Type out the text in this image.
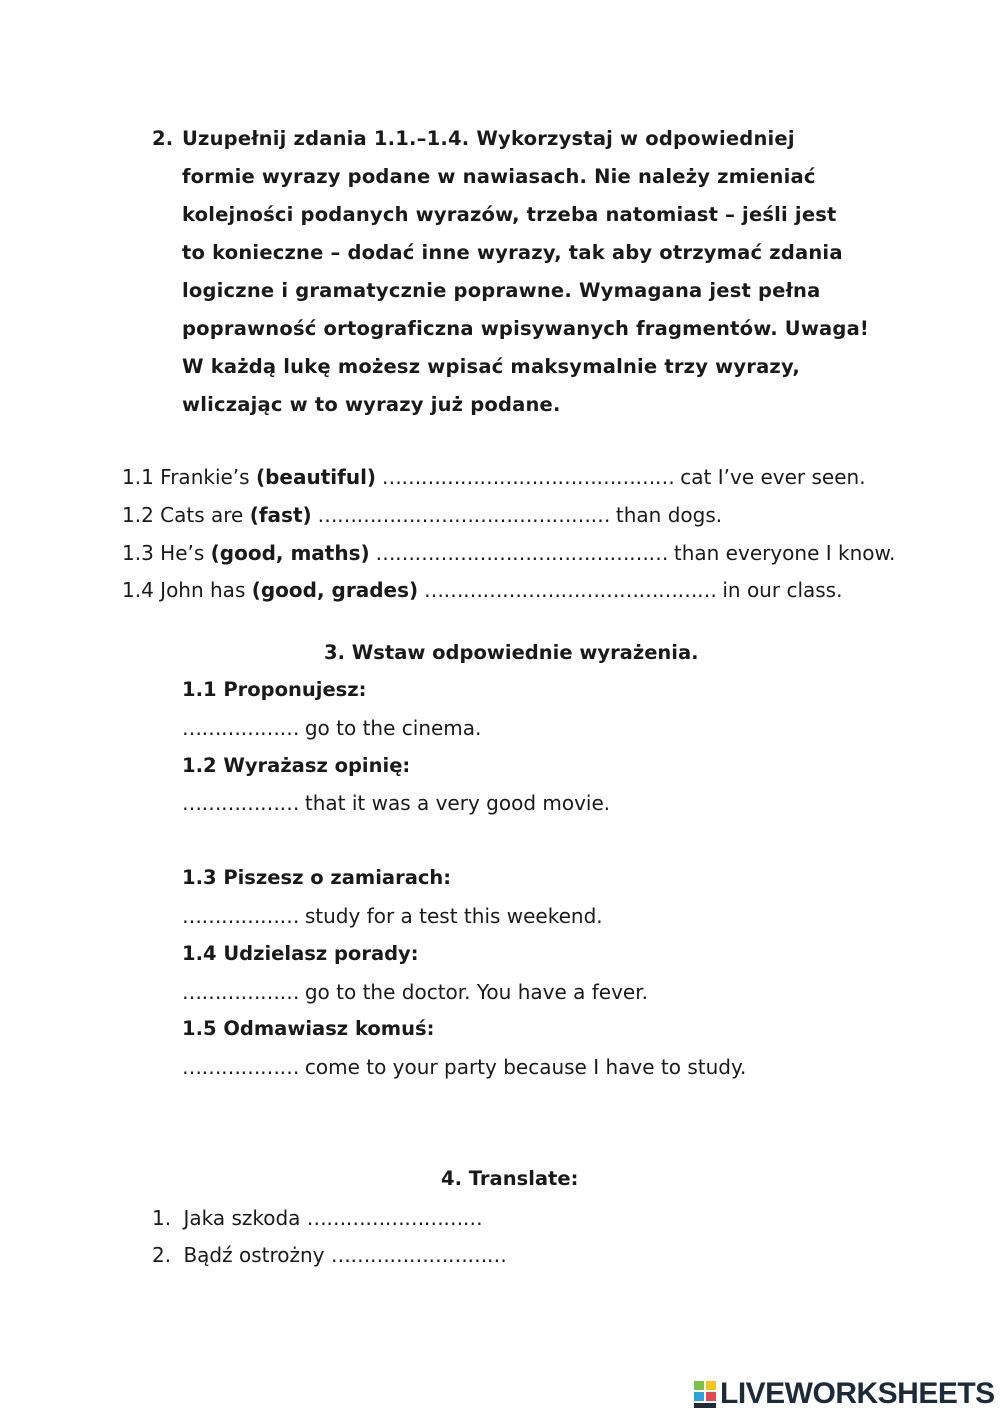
2. Uzupełnij zdania 1.1.–1.4. Wykorzystaj w odpowiedniej
formie wyrazy podane w nawiasach. Nie należy zmieniać
kolejności podanych wyrazów, trzeba natomiast – jeśli jest
to konieczne – dodać inne wyrazy, tak aby otrzymać zdania
logiczne i gramatycznie poprawne. Wymagana jest pełna
poprawność ortograficzna wpisywanych fragmentów. Uwaga!
W każdą lukę możesz wpisać maksymalnie trzy wyrazy,
wliczając w to wyrazy już podane.
1.1 Frankie’s (beautiful) ……………………………………… cat I’ve ever seen.
1.2 Cats are (fast) ……………………………………… than dogs.
1.3 He’s (good, maths) ……………………………………… than everyone I know.
1.4 John has (good, grades) ……………………………………… in our class.
3. Wstaw odpowiednie wyrażenia.
1.1 Proponujesz:
……………… go to the cinema.
1.2 Wyrażasz opinię:
……………… that it was a very good movie.
1.3 Piszesz o zamiarach:
……………… study for a test this weekend.
1.4 Udzielasz porady:
……………… go to the doctor. You have a fever.
1.5 Odmawiasz komuś:
……………… come to your party because I have to study.
4. Translate:
1. Jaka szkoda ………………………
2. Bądź ostrożny ………………………
LIVEWORKSHEETS
